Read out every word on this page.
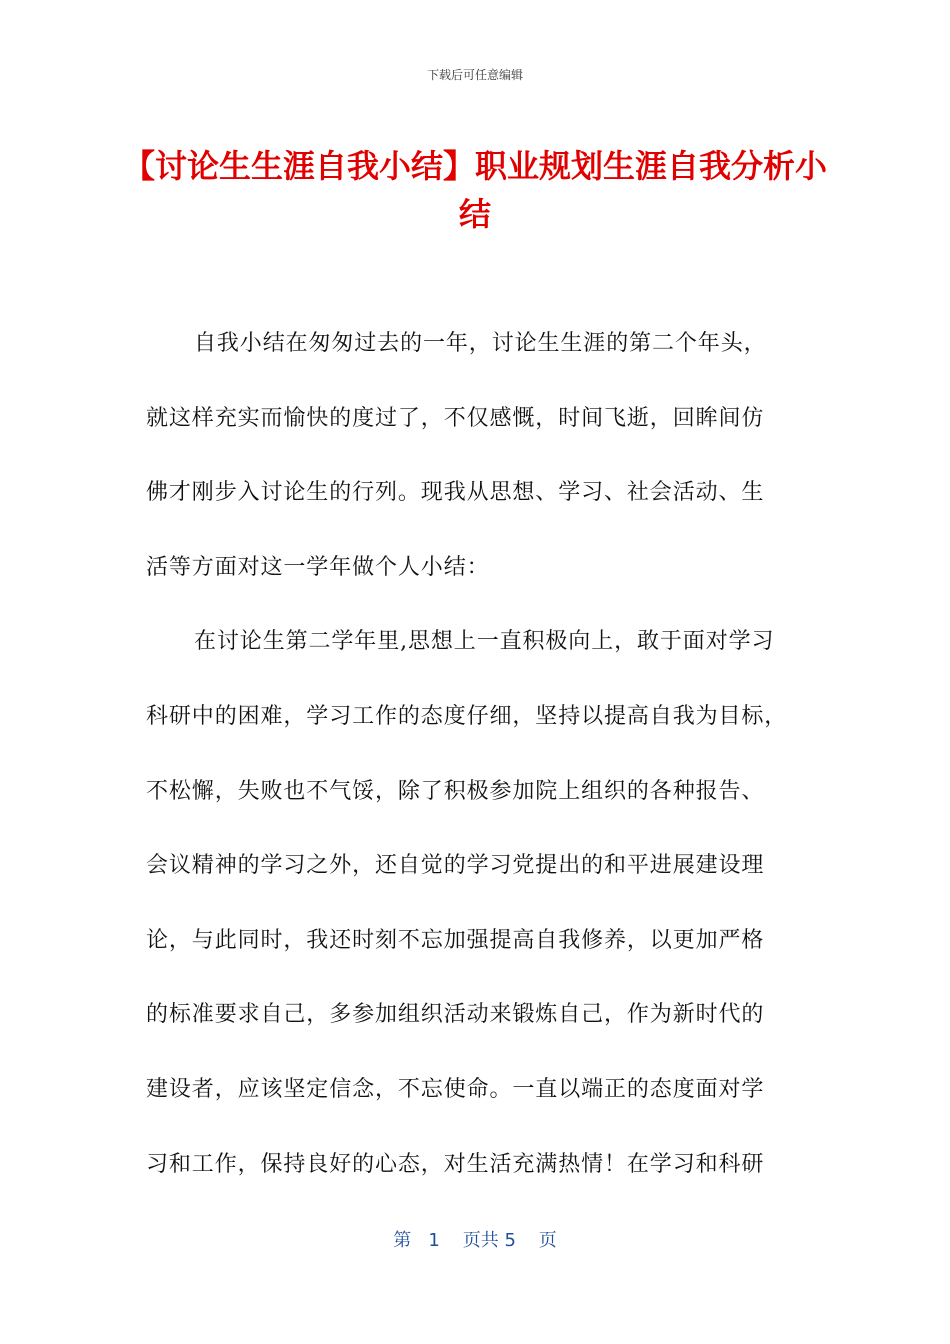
下载后可任意编辑
【讨论生生涯自我小结】职业规划生涯自我分析小结
自我小结在匆匆过去的一年，讨论生生涯的第二个年头，
就这样充实而愉快的度过了，不仅感慨，时间飞逝，回眸间仿
佛才刚步入讨论生的行列。现我从思想、学习、社会活动、生
活等方面对这一学年做个人小结：
在讨论生第二学年里,思想上一直积极向上，敢于面对学习
科研中的困难，学习工作的态度仔细，坚持以提高自我为目标，
不松懈，失败也不气馁，除了积极参加院上组织的各种报告、
会议精神的学习之外，还自觉的学习党提出的和平进展建设理
论，与此同时，我还时刻不忘加强提高自我修养，以更加严格
的标准要求自己，多参加组织活动来锻炼自己，作为新时代的
建设者，应该坚定信念，不忘使命。一直以端正的态度面对学
习和工作，保持良好的心态，对生活充满热情！在学习和科研
第 1 页共 5 页
